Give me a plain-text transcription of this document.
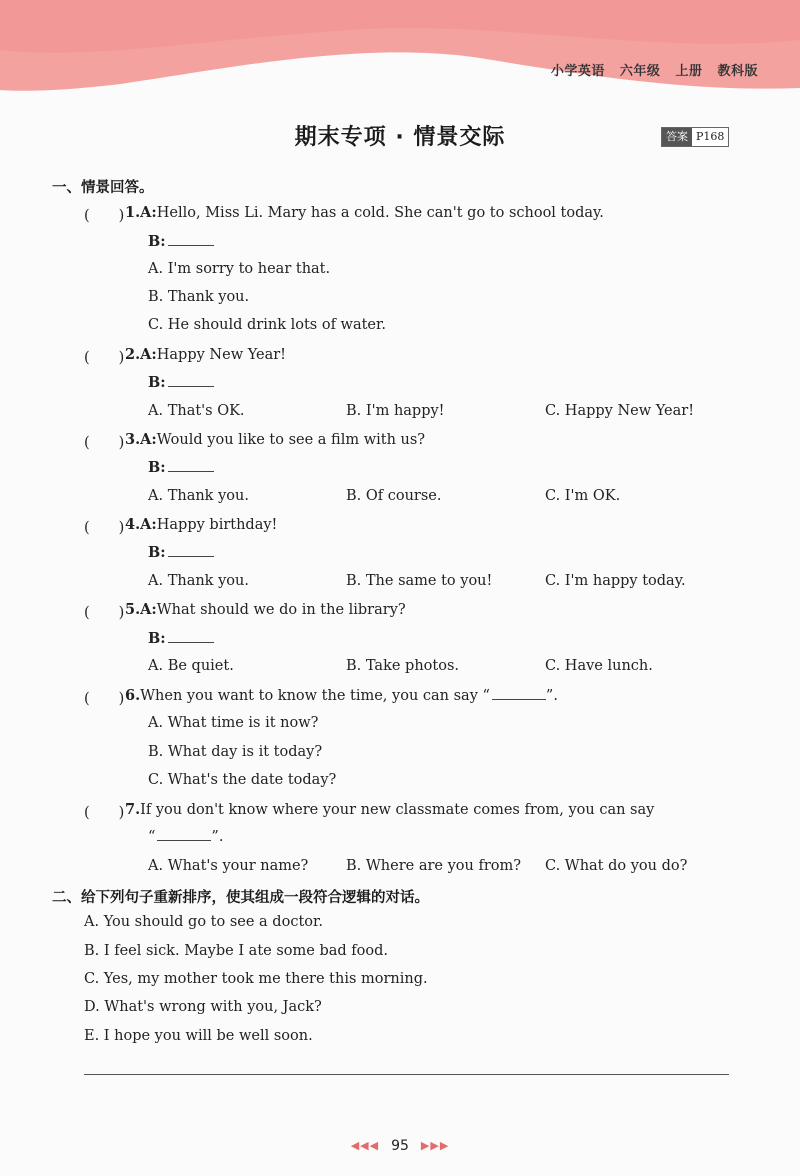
小学英语 六年级 上册 教科版
期末专项 · 情景交际	答案 P168
一、情景回答。
(　　) 1.A:Hello, Miss Li. Mary has a cold. She can't go to school today.
B:
A. I'm sorry to hear that.
B. Thank you.
C. He should drink lots of water.
(　　) 2.A:Happy New Year!
B:
A. That's OK.	B. I'm happy!	C. Happy New Year!
(　　) 3.A:Would you like to see a film with us?
B:
A. Thank you.	B. Of course.	C. I'm OK.
(　　) 4.A:Happy birthday!
B:
A. Thank you.	B. The same to you!	C. I'm happy today.
(　　) 5.A:What should we do in the library?
B:
A. Be quiet.	B. Take photos.	C. Have lunch.
(　　) 6.When you want to know the time, you can say “	”.
A. What time is it now?
B. What day is it today?
C. What's the date today?
(　　) 7.If you don't know where your new classmate comes from, you can say
“	”.
A. What's your name?	B. Where are you from? C. What do you do?
二、给下列句子重新排序，使其组成一段符合逻辑的对话。
A. You should go to see a doctor.
B. I feel sick. Maybe I ate some bad food.
C. Yes, my mother took me there this morning.
D. What's wrong with you, Jack?
E. I hope you will be well soon.
◀◀◀ 95 ▶▶▶
